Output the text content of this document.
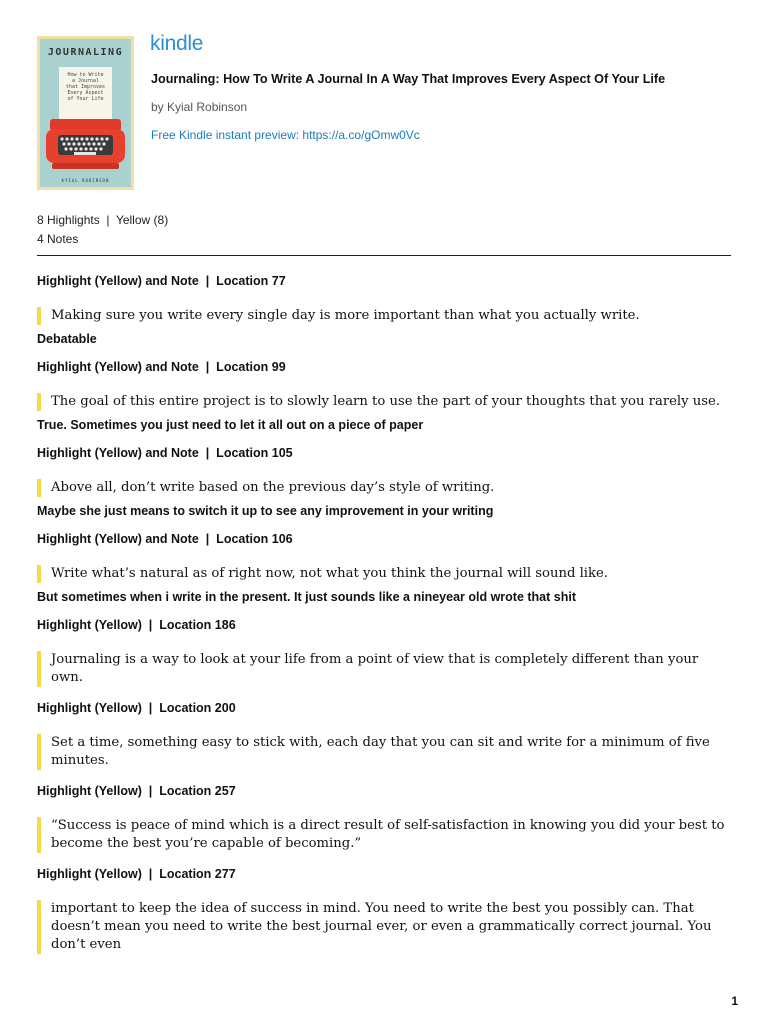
JOURNALING
How to Write
a Journal
that Improves
Every Aspect
of Your Life
KYIAL ROBINSON
kindle
Journaling: How To Write A Journal In A Way That Improves Every Aspect Of Your Life
by Kyial Robinson
Free Kindle instant preview: https://a.co/gOmw0Vc
8 Highlights  |  Yellow (8)
4 Notes
Highlight (Yellow) and Note  |  Location 77
Making sure you write every single day is more important than what you actually write.
Debatable
Highlight (Yellow) and Note  |  Location 99
The goal of this entire project is to slowly learn to use the part of your thoughts that you rarely use.
True. Sometimes you just need to let it all out on a piece of paper
Highlight (Yellow) and Note  |  Location 105
Above all, don’t write based on the previous day’s style of writing.
Maybe she just means to switch it up to see any improvement in your writing
Highlight (Yellow) and Note  |  Location 106
Write what’s natural as of right now, not what you think the journal will sound like.
But sometimes when i write in the present. It just sounds like a nineyear old wrote that shit
Highlight (Yellow)  |  Location 186
Journaling is a way to look at your life from a point of view that is completely different than your own.
Highlight (Yellow)  |  Location 200
Set a time, something easy to stick with, each day that you can sit and write for a minimum of five minutes.
Highlight (Yellow)  |  Location 257
“Success is peace of mind which is a direct result of self-satisfaction in knowing you did your best to become the best you’re capable of becoming.”
Highlight (Yellow)  |  Location 277
important to keep the idea of success in mind. You need to write the best you possibly can. That doesn’t mean you need to write the best journal ever, or even a grammatically correct journal. You don’t even
1
